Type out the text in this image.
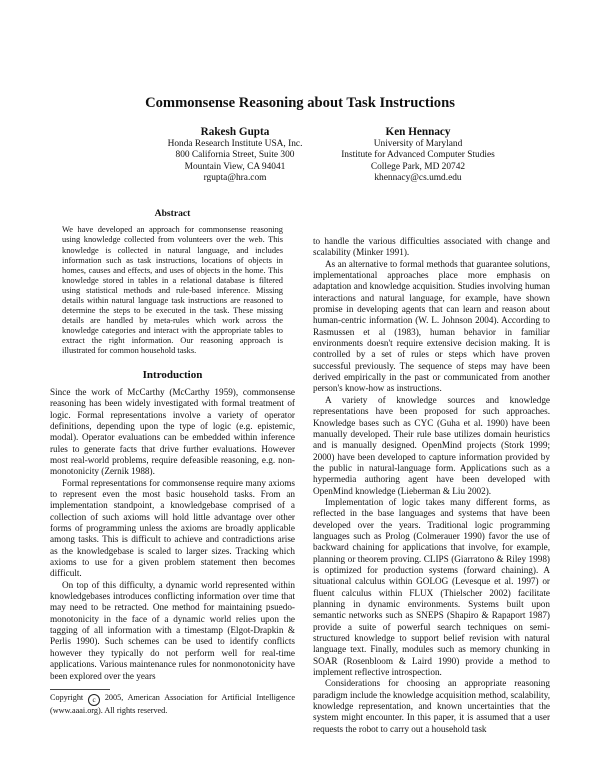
Commonsense Reasoning about Task Instructions
Rakesh Gupta
Honda Research Institute USA, Inc.
800 California Street, Suite 300
Mountain View, CA 94041
rgupta@hra.com
Ken Hennacy
University of Maryland
Institute for Advanced Computer Studies
College Park, MD 20742
khennacy@cs.umd.edu
Abstract

We have developed an approach for commonsense reasoning using knowledge collected from volunteers over the web. This knowledge is collected in natural language, and includes information such as task instructions, locations of objects in homes, causes and effects, and uses of objects in the home. This knowledge stored in tables in a relational database is filtered using statistical methods and rule-based inference. Missing details within natural language task instructions are reasoned to determine the steps to be executed in the task. These missing details are handled by meta-rules which work across the knowledge categories and interact with the appropriate tables to extract the right information. Our reasoning approach is illustrated for common household tasks.

Introduction

Since the work of McCarthy (McCarthy 1959), commonsense reasoning has been widely investigated with formal treatment of logic. Formal representations involve a variety of operator definitions, depending upon the type of logic (e.g. epistemic, modal). Operator evaluations can be embedded within inference rules to generate facts that drive further evaluations. However most real-world problems, require defeasible reasoning, e.g. non-monotonicity (Zernik 1988).

Formal representations for commonsense require many axioms to represent even the most basic household tasks. From an implementation standpoint, a knowledgebase comprised of a collection of such axioms will hold little advantage over other forms of programming unless the axioms are broadly applicable among tasks. This is difficult to achieve and contradictions arise as the knowledgebase is scaled to larger sizes. Tracking which axioms to use for a given problem statement then becomes difficult.

On top of this difficulty, a dynamic world represented within knowledgebases introduces conflicting information over time that may need to be retracted. One method for maintaining psuedo-monotonicity in the face of a dynamic world relies upon the tagging of all information with a timestamp (Elgot-Drapkin & Perlis 1990). Such schemes can be used to identify conflicts however they typically do not perform well for real-time applications. Various maintenance rules for nonmonotonicity have been explored over the years

Copyright c 2005, American Association for Artificial Intelligence (www.aaai.org). All rights reserved.

to handle the various difficulties associated with change and scalability (Minker 1991).

As an alternative to formal methods that guarantee solutions, implementational approaches place more emphasis on adaptation and knowledge acquisition. Studies involving human interactions and natural language, for example, have shown promise in developing agents that can learn and reason about human-centric information (W. L. Johnson 2004). According to Rasmussen et al (1983), human behavior in familiar environments doesn't require extensive decision making. It is controlled by a set of rules or steps which have proven successful previously. The sequence of steps may have been derived empirically in the past or communicated from another person's know-how as instructions.

A variety of knowledge sources and knowledge representations have been proposed for such approaches. Knowledge bases such as CYC (Guha et al. 1990) have been manually developed. Their rule base utilizes domain heuristics and is manually designed. OpenMind projects (Stork 1999; 2000) have been developed to capture information provided by the public in natural-language form. Applications such as a hypermedia authoring agent have been developed with OpenMind knowledge (Lieberman & Liu 2002).

Implementation of logic takes many different forms, as reflected in the base languages and systems that have been developed over the years. Traditional logic programming languages such as Prolog (Colmerauer 1990) favor the use of backward chaining for applications that involve, for example, planning or theorem proving. CLIPS (Giarratono & Riley 1998) is optimized for production systems (forward chaining). A situational calculus within GOLOG (Levesque et al. 1997) or fluent calculus within FLUX (Thielscher 2002) facilitate planning in dynamic environments. Systems built upon semantic networks such as SNEPS (Shapiro & Rapaport 1987) provide a suite of powerful search techniques on semi-structured knowledge to support belief revision with natural language text. Finally, modules such as memory chunking in SOAR (Rosenbloom & Laird 1990) provide a method to implement reflective introspection.

Considerations for choosing an appropriate reasoning paradigm include the knowledge acquisition method, scalability, knowledge representation, and known uncertainties that the system might encounter. In this paper, it is assumed that a user requests the robot to carry out a household task
